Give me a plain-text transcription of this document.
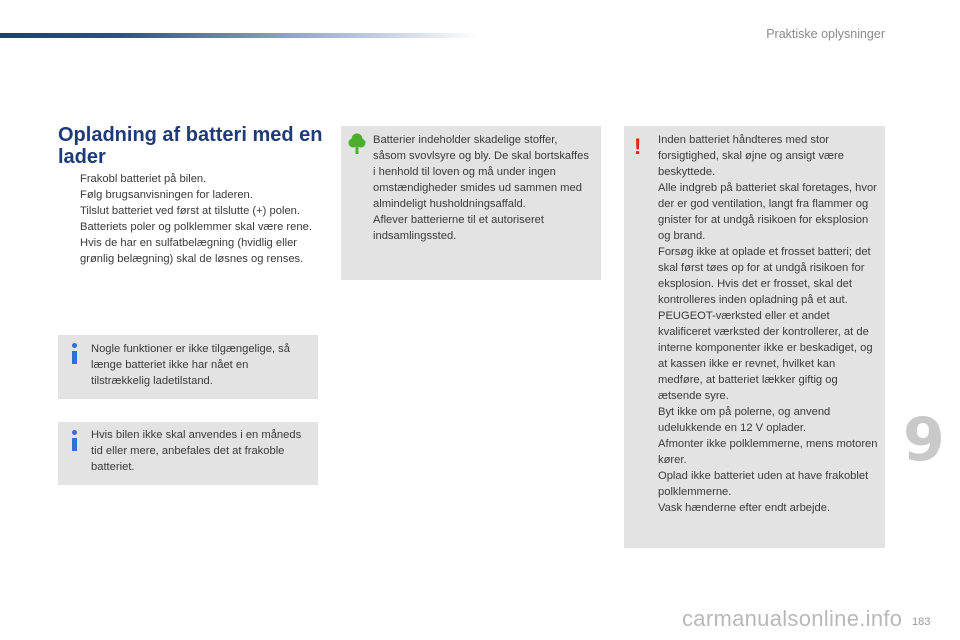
Praktiske oplysninger
Opladning af batteri med en lader
Frakobl batteriet på bilen.
Følg brugsanvisningen for laderen.
Tilslut batteriet ved først at tilslutte (+) polen.
Batteriets poler og polklemmer skal være rene. Hvis de har en sulfatbelægning (hvidlig eller grønlig belægning) skal de løsnes og renses.
Nogle funktioner er ikke tilgængelige, så længe batteriet ikke har nået en tilstrækkelig ladetilstand.
Hvis bilen ikke skal anvendes i en måneds tid eller mere, anbefales det at frakoble batteriet.
Batterier indeholder skadelige stoffer, såsom svovlsyre og bly. De skal bortskaffes i henhold til loven og må under ingen omstændigheder smides ud sammen med almindeligt husholdningsaffald.
Aflever batterierne til et autoriseret indsamlingssted.
! Inden batteriet håndteres med stor forsigtighed, skal øjne og ansigt være beskyttede.
Alle indgreb på batteriet skal foretages, hvor der er god ventilation, langt fra flammer og gnister for at undgå risikoen for eksplosion og brand.
Forsøg ikke at oplade et frosset batteri; det skal først tøes op for at undgå risikoen for eksplosion. Hvis det er frosset, skal det kontrolleres inden opladning på et aut. PEUGEOT-værksted eller et andet kvalificeret værksted der kontrollerer, at de interne komponenter ikke er beskadiget, og at kassen ikke er revnet, hvilket kan medføre, at batteriet lækker giftig og ætsende syre.
Byt ikke om på polerne, og anvend udelukkende en 12 V oplader.
Afmonter ikke polklemmerne, mens motoren kører.
Oplad ikke batteriet uden at have frakoblet polklemmerne.
Vask hænderne efter endt arbejde.
9
carmanualsonline.info 183
